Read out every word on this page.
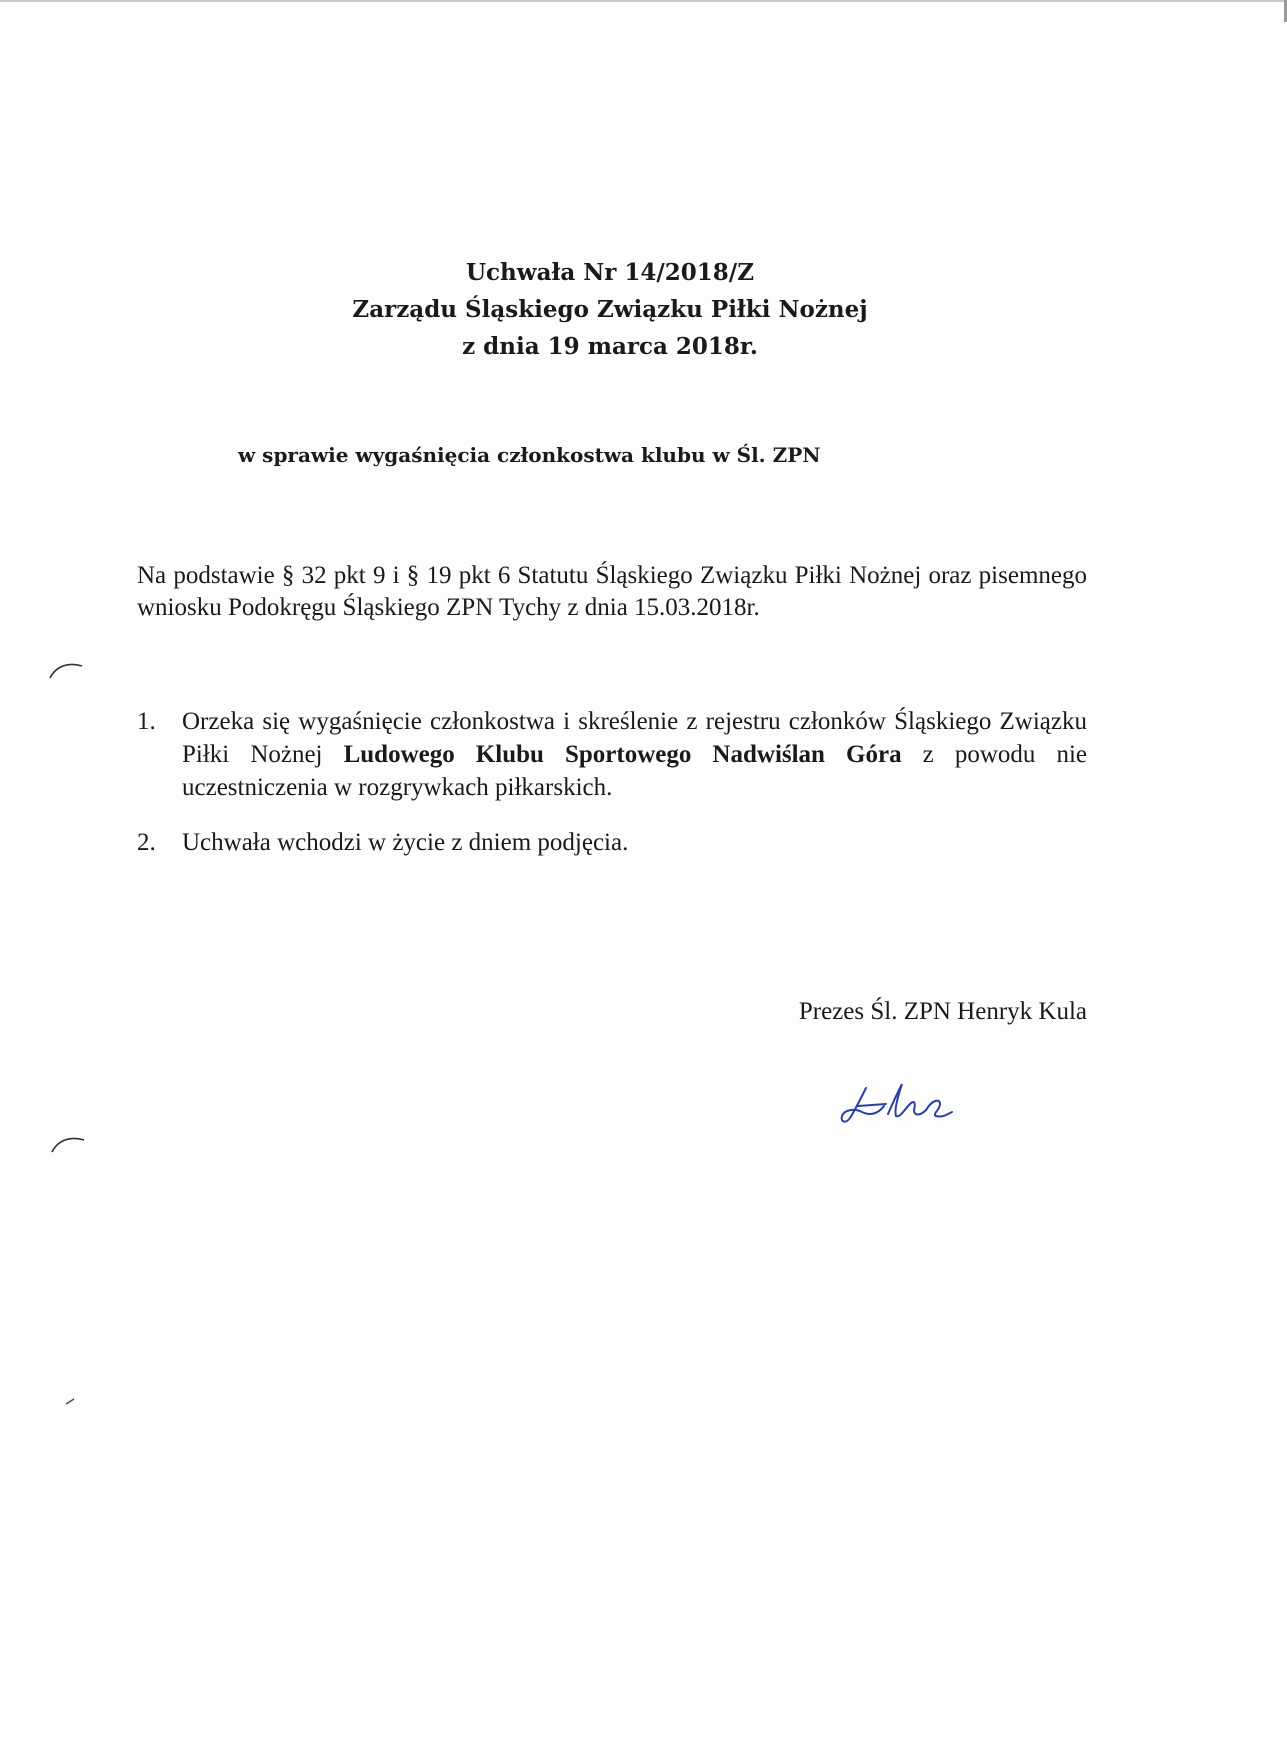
Uchwała Nr 14/2018/Z
Zarządu Śląskiego Związku Piłki Nożnej
z dnia 19 marca 2018r.
w sprawie wygaśnięcia członkostwa klubu w Śl. ZPN
Na podstawie § 32 pkt 9 i § 19 pkt 6 Statutu Śląskiego Związku Piłki Nożnej oraz pisemnego wniosku Podokręgu Śląskiego ZPN Tychy z dnia 15.03.2018r.
1.	Orzeka się wygaśnięcie członkostwa i skreślenie z rejestru członków Śląskiego Związku Piłki Nożnej Ludowego Klubu Sportowego Nadwiślan Góra z powodu nie uczestniczenia w rozgrywkach piłkarskich.
2.	Uchwała wchodzi w życie z dniem podjęcia.
Prezes Śl. ZPN Henryk Kula
